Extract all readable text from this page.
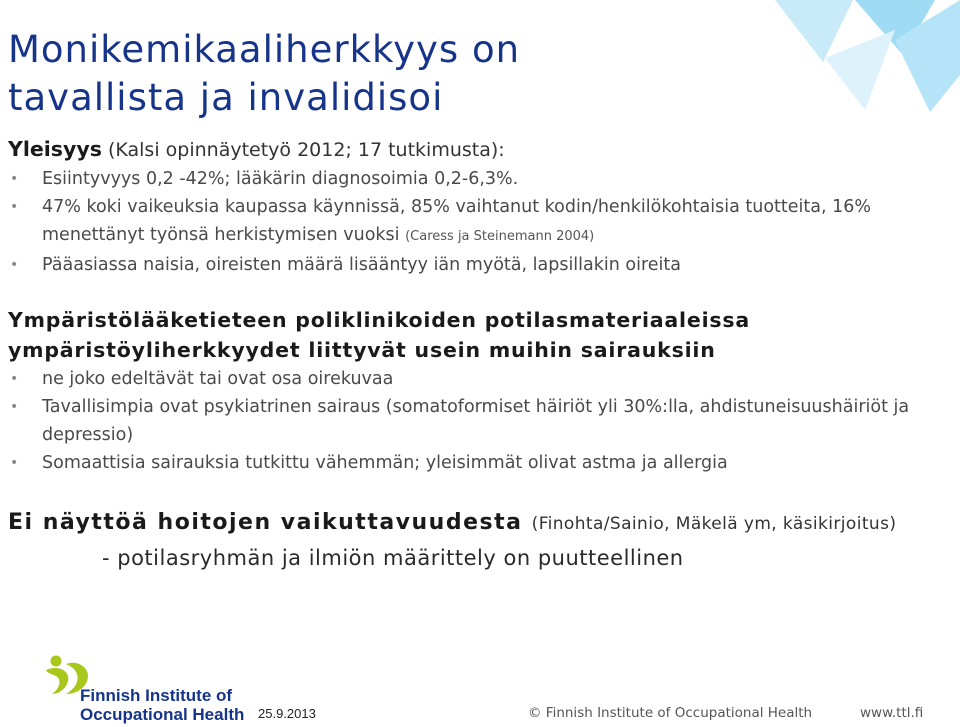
Monikemikaaliherkkyys on
tavallista ja invalidisoi

Yleisyys (Kalsi opinnäytetyö 2012; 17 tutkimusta):

• Esiintyvyys 0,2 -42%; lääkärin diagnosoimia 0,2-6,3%.
• 47% koki vaikeuksia kaupassa käynnissä, 85% vaihtanut kodin/henkilökohtaisia tuotteita, 16% menettänyt työnsä herkistymisen vuoksi (Caress ja Steinemann 2004)
• Pääasiassa naisia, oireisten määrä lisääntyy iän myötä, lapsillakin oireita

Ympäristölääketieteen poliklinikoiden potilasmateriaaleissa
ympäristöyliherkkyydet liittyvät usein muihin sairauksiin

• ne joko edeltävät tai ovat osa oirekuvaa
• Tavallisimpia ovat psykiatrinen sairaus (somatoformiset häiriöt yli 30%:lla, ahdistuneisuushäiriöt ja depressio)
• Somaattisia sairauksia tutkittu vähemmän; yleisimmät olivat astma ja allergia

Ei näyttöä hoitojen vaikuttavuudesta (Finohta/Sainio, Mäkelä ym, käsikirjoitus)

- potilasryhmän ja ilmiön määrittely on puutteellinen

Finnish Institute of
Occupational Health 25.9.2013	© Finnish Institute of Occupational Health	www.ttl.fi
